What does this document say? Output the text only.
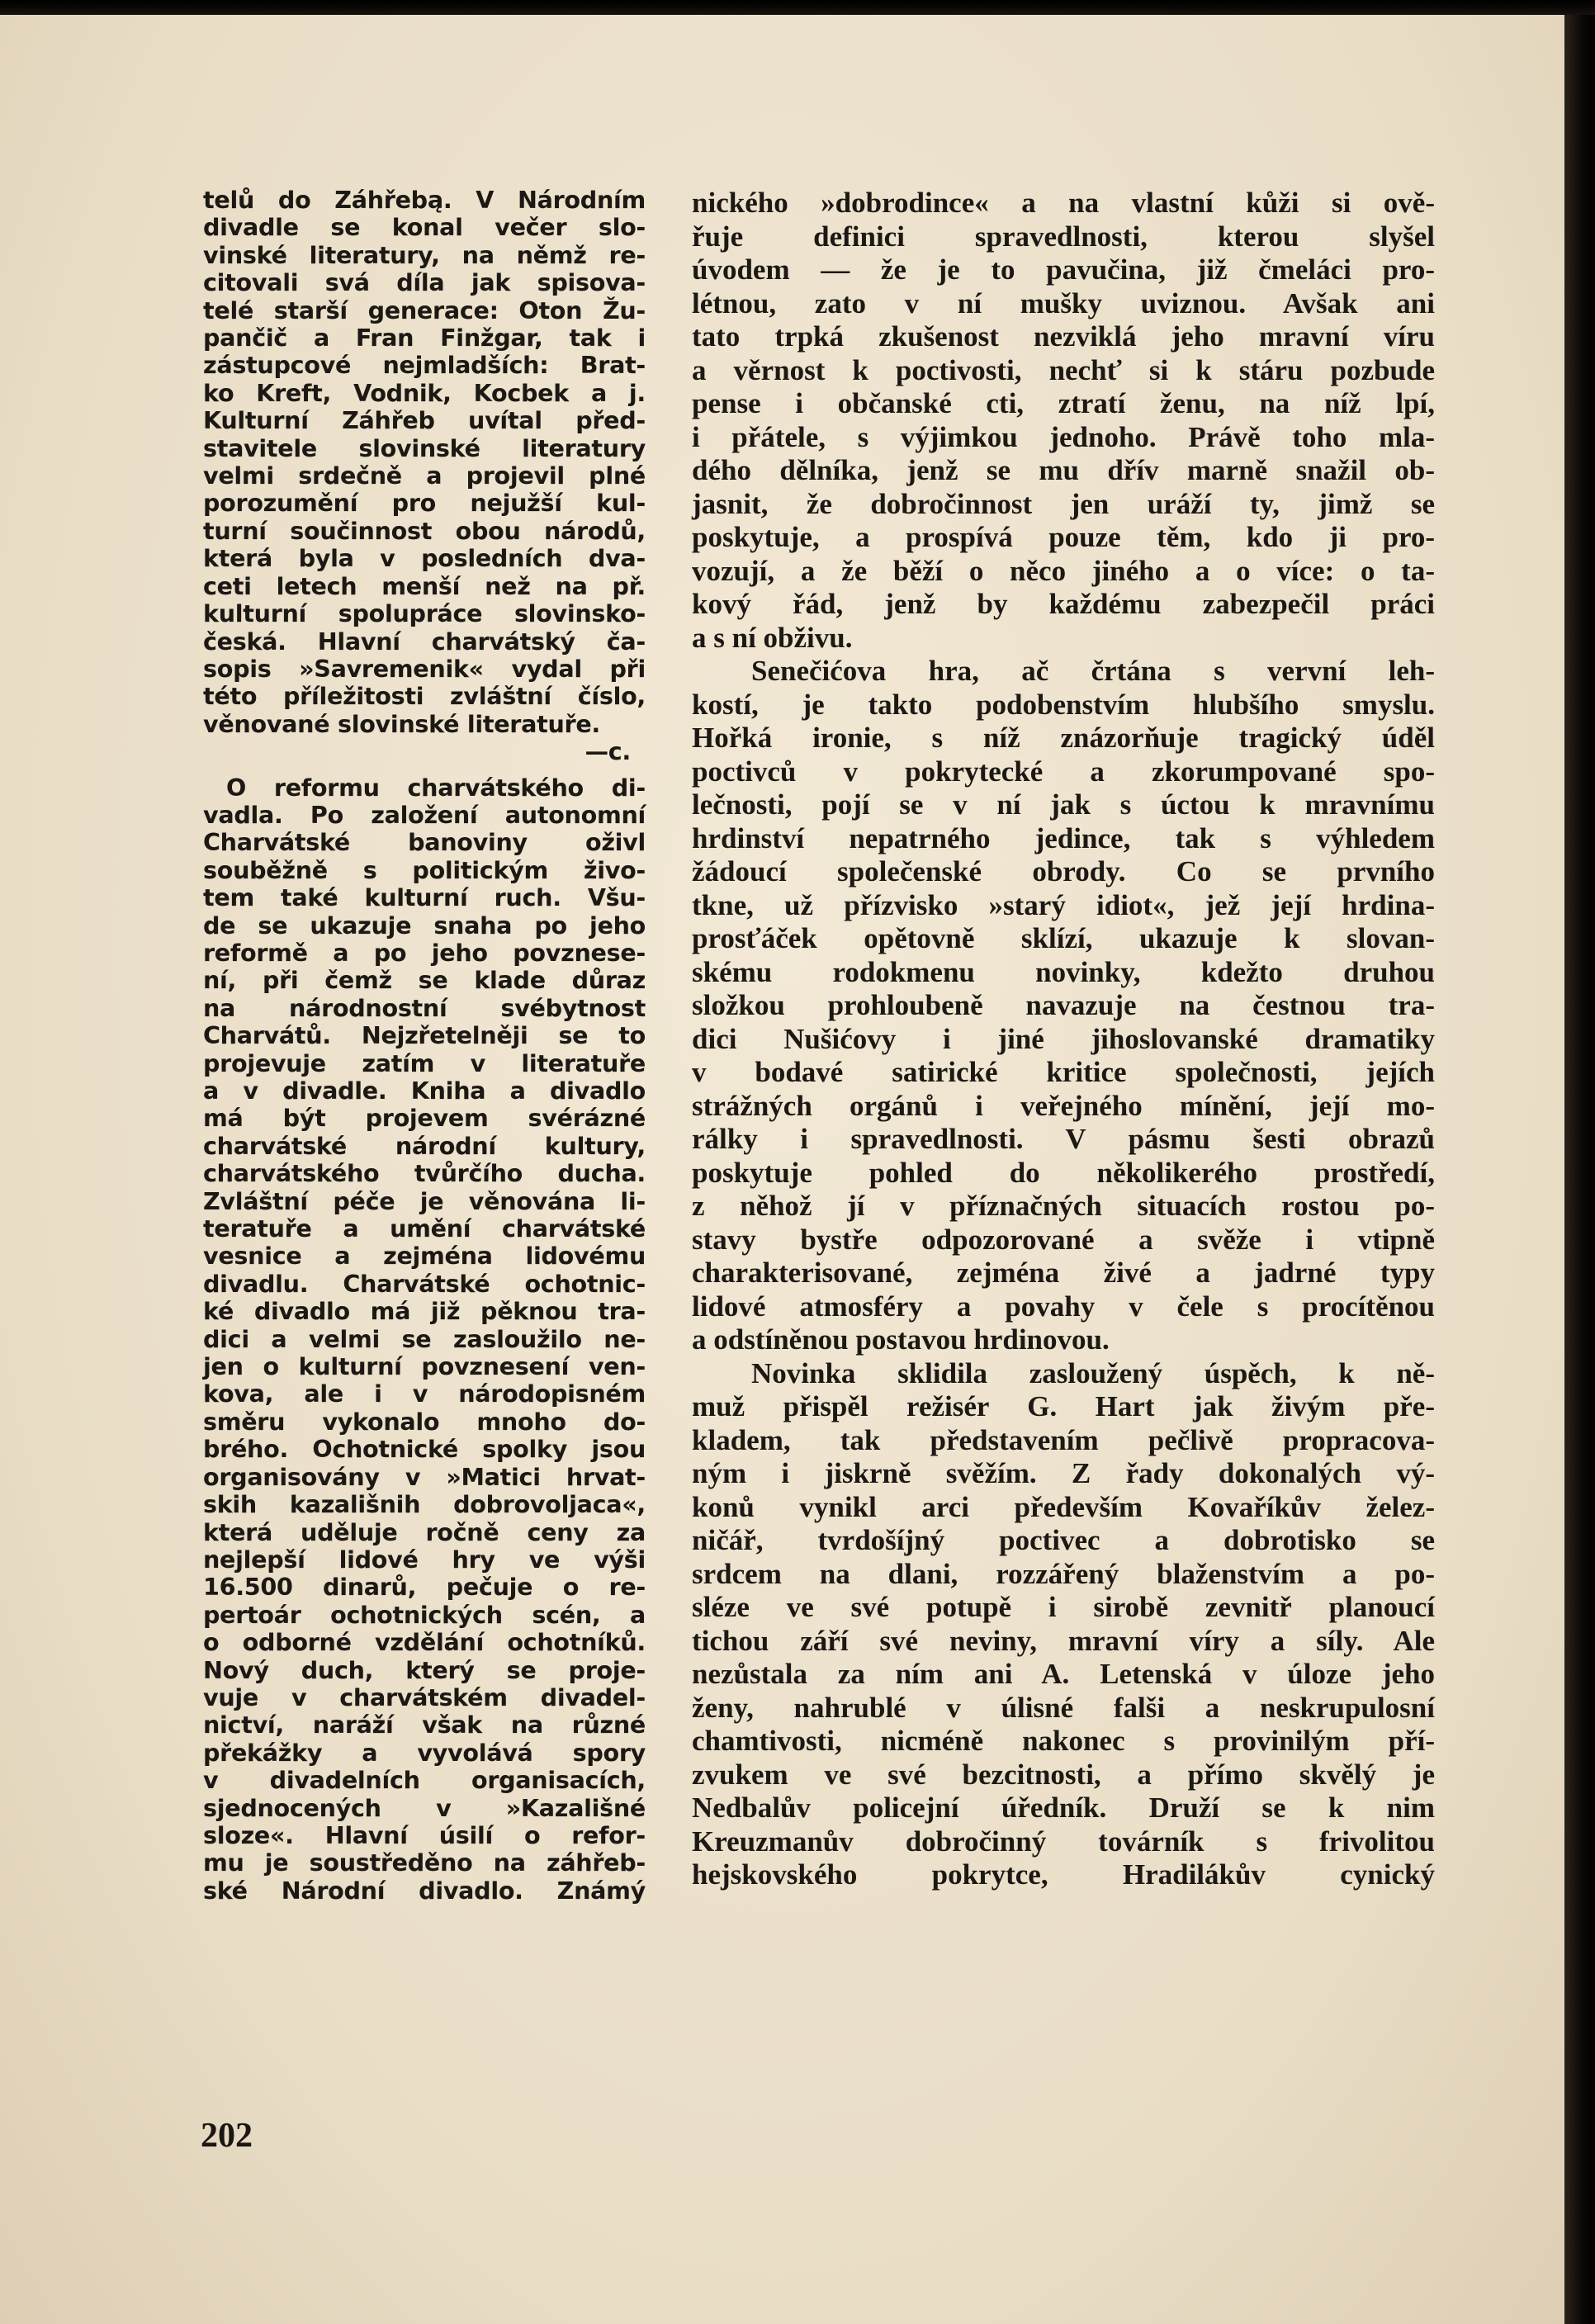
telů do Záhřebą. V Národním
divadle se konal večer slo-
vinské literatury, na němž re-
citovali svá díla jak spisova-
telé starší generace: Oton Žu-
pančič a Fran Finžgar, tak i
zástupcové nejmladších: Brat-
ko Kreft, Vodnik, Kocbek a j.
Kulturní Záhřeb uvítal před-
stavitele slovinské literatury
velmi srdečně a projevil plné
porozumění pro nejužší kul-
turní součinnost obou národů,
která byla v posledních dva-
ceti letech menší než na př.
kulturní spolupráce slovinsko-
česká. Hlavní charvátský ča-
sopis »Savremenik« vydal při
této příležitosti zvláštní číslo,
věnované slovinské literatuře.
—c.
O reformu charvátského di-
vadla. Po založení autonomní
Charvátské banoviny oživl
souběžně s politickým živo-
tem také kulturní ruch. Všu-
de se ukazuje snaha po jeho
reformě a po jeho povznese-
ní, při čemž se klade důraz
na národnostní svébytnost
Charvátů. Nejzřetelněji se to
projevuje zatím v literatuře
a v divadle. Kniha a divadlo
má být projevem svérázné
charvátské národní kultury,
charvátského tvůrčího ducha.
Zvláštní péče je věnována li-
teratuře a umění charvátské
vesnice a zejména lidovému
divadlu. Charvátské ochotnic-
ké divadlo má již pěknou tra-
dici a velmi se zasloužilo ne-
jen o kulturní povznesení ven-
kova, ale i v národopisném
směru vykonalo mnoho do-
brého. Ochotnické spolky jsou
organisovány v »Matici hrvat-
skih kazališnih dobrovoljaca«,
která uděluje ročně ceny za
nejlepší lidové hry ve výši
16.500 dinarů, pečuje o re-
pertoár ochotnických scén, a
o odborné vzdělání ochotníků.
Nový duch, který se proje-
vuje v charvátském divadel-
nictví, naráží však na různé
překážky a vyvolává spory
v divadelních organisacích,
sjednocených v »Kazališné
sloze«. Hlavní úsilí o refor-
mu je soustředěno na záhřeb-
ské Národní divadlo. Známý
nického »dobrodince« a na vlastní kůži si ově-
řuje definici spravedlnosti, kterou slyšel
úvodem — že je to pavučina, již čmeláci pro-
létnou, zato v ní mušky uviznou. Avšak ani
tato trpká zkušenost nezviklá jeho mravní víru
a věrnost k poctivosti, nechť si k stáru pozbude
pense i občanské cti, ztratí ženu, na níž lpí,
i přátele, s výjimkou jednoho. Právě toho mla-
dého dělníka, jenž se mu dřív marně snažil ob-
jasnit, že dobročinnost jen uráží ty, jimž se
poskytuje, a prospívá pouze těm, kdo ji pro-
vozují, a že běží o něco jiného a o více: o ta-
kový řád, jenž by každému zabezpečil práci
a s ní obživu.
Senečićova hra, ač črtána s vervní leh-
kostí, je takto podobenstvím hlubšího smyslu.
Hořká ironie, s níž znázorňuje tragický úděl
poctivců v pokrytecké a zkorumpované spo-
lečnosti, pojí se v ní jak s úctou k mravnímu
hrdinství nepatrného jedince, tak s výhledem
žádoucí společenské obrody. Co se prvního
tkne, už přízvisko »starý idiot«, jež její hrdina-
prosťáček opětovně sklízí, ukazuje k slovan-
skému rodokmenu novinky, kdežto druhou
složkou prohloubeně navazuje na čestnou tra-
dici Nušićovy i jiné jihoslovanské dramatiky
v bodavé satirické kritice společnosti, jejích
strážných orgánů i veřejného mínění, její mo-
rálky i spravedlnosti. V pásmu šesti obrazů
poskytuje pohled do několikerého prostředí,
z něhož jí v příznačných situacích rostou po-
stavy bystře odpozorované a svěže i vtipně
charakterisované, zejména živé a jadrné typy
lidové atmosféry a povahy v čele s procítěnou
a odstíněnou postavou hrdinovou.
Novinka sklidila zasloužený úspěch, k ně-
muž přispěl režisér G. Hart jak živým pře-
kladem, tak představením pečlivě propracova-
ným i jiskrně svěžím. Z řady dokonalých vý-
konů vynikl arci především Kovaříkův želez-
ničář, tvrdošíjný poctivec a dobrotisko se
srdcem na dlani, rozzářený blaženstvím a po-
sléze ve své potupě i sirobě zevnitř planoucí
tichou září své neviny, mravní víry a síly. Ale
nezůstala za ním ani A. Letenská v úloze jeho
ženy, nahrublé v úlisné falši a neskrupulosní
chamtivosti, nicméně nakonec s provinilým pří-
zvukem ve své bezcitnosti, a přímo skvělý je
Nedbalův policejní úředník. Druží se k nim
Kreuzmanův dobročinný továrník s frivolitou
hejskovského pokrytce, Hradilákův cynický
202
